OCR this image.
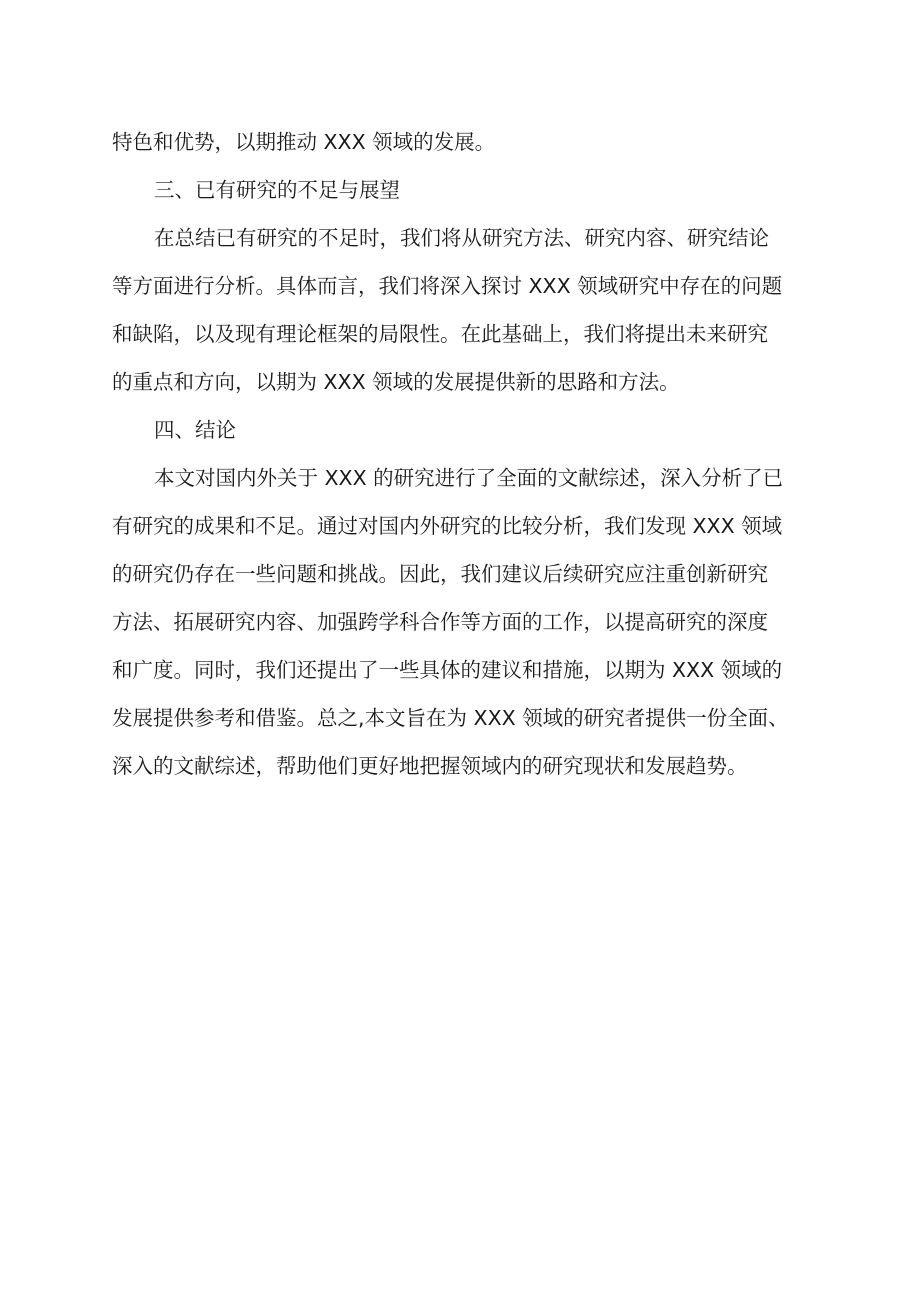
特色和优势，以期推动 XXX 领域的发展。

三、已有研究的不足与展望

在总结已有研究的不足时，我们将从研究方法、研究内容、研究结论

等方面进行分析。具体而言，我们将深入探讨 XXX 领域研究中存在的问题

和缺陷，以及现有理论框架的局限性。在此基础上，我们将提出未来研究

的重点和方向，以期为 XXX 领域的发展提供新的思路和方法。

四、结论

本文对国内外关于 XXX 的研究进行了全面的文献综述，深入分析了已

有研究的成果和不足。通过对国内外研究的比较分析，我们发现 XXX 领域

的研究仍存在一些问题和挑战。因此，我们建议后续研究应注重创新研究

方法、拓展研究内容、加强跨学科合作等方面的工作，以提高研究的深度

和广度。同时，我们还提出了一些具体的建议和措施，以期为 XXX 领域的

发展提供参考和借鉴。总之,本文旨在为 XXX 领域的研究者提供一份全面、

深入的文献综述，帮助他们更好地把握领域内的研究现状和发展趋势。
